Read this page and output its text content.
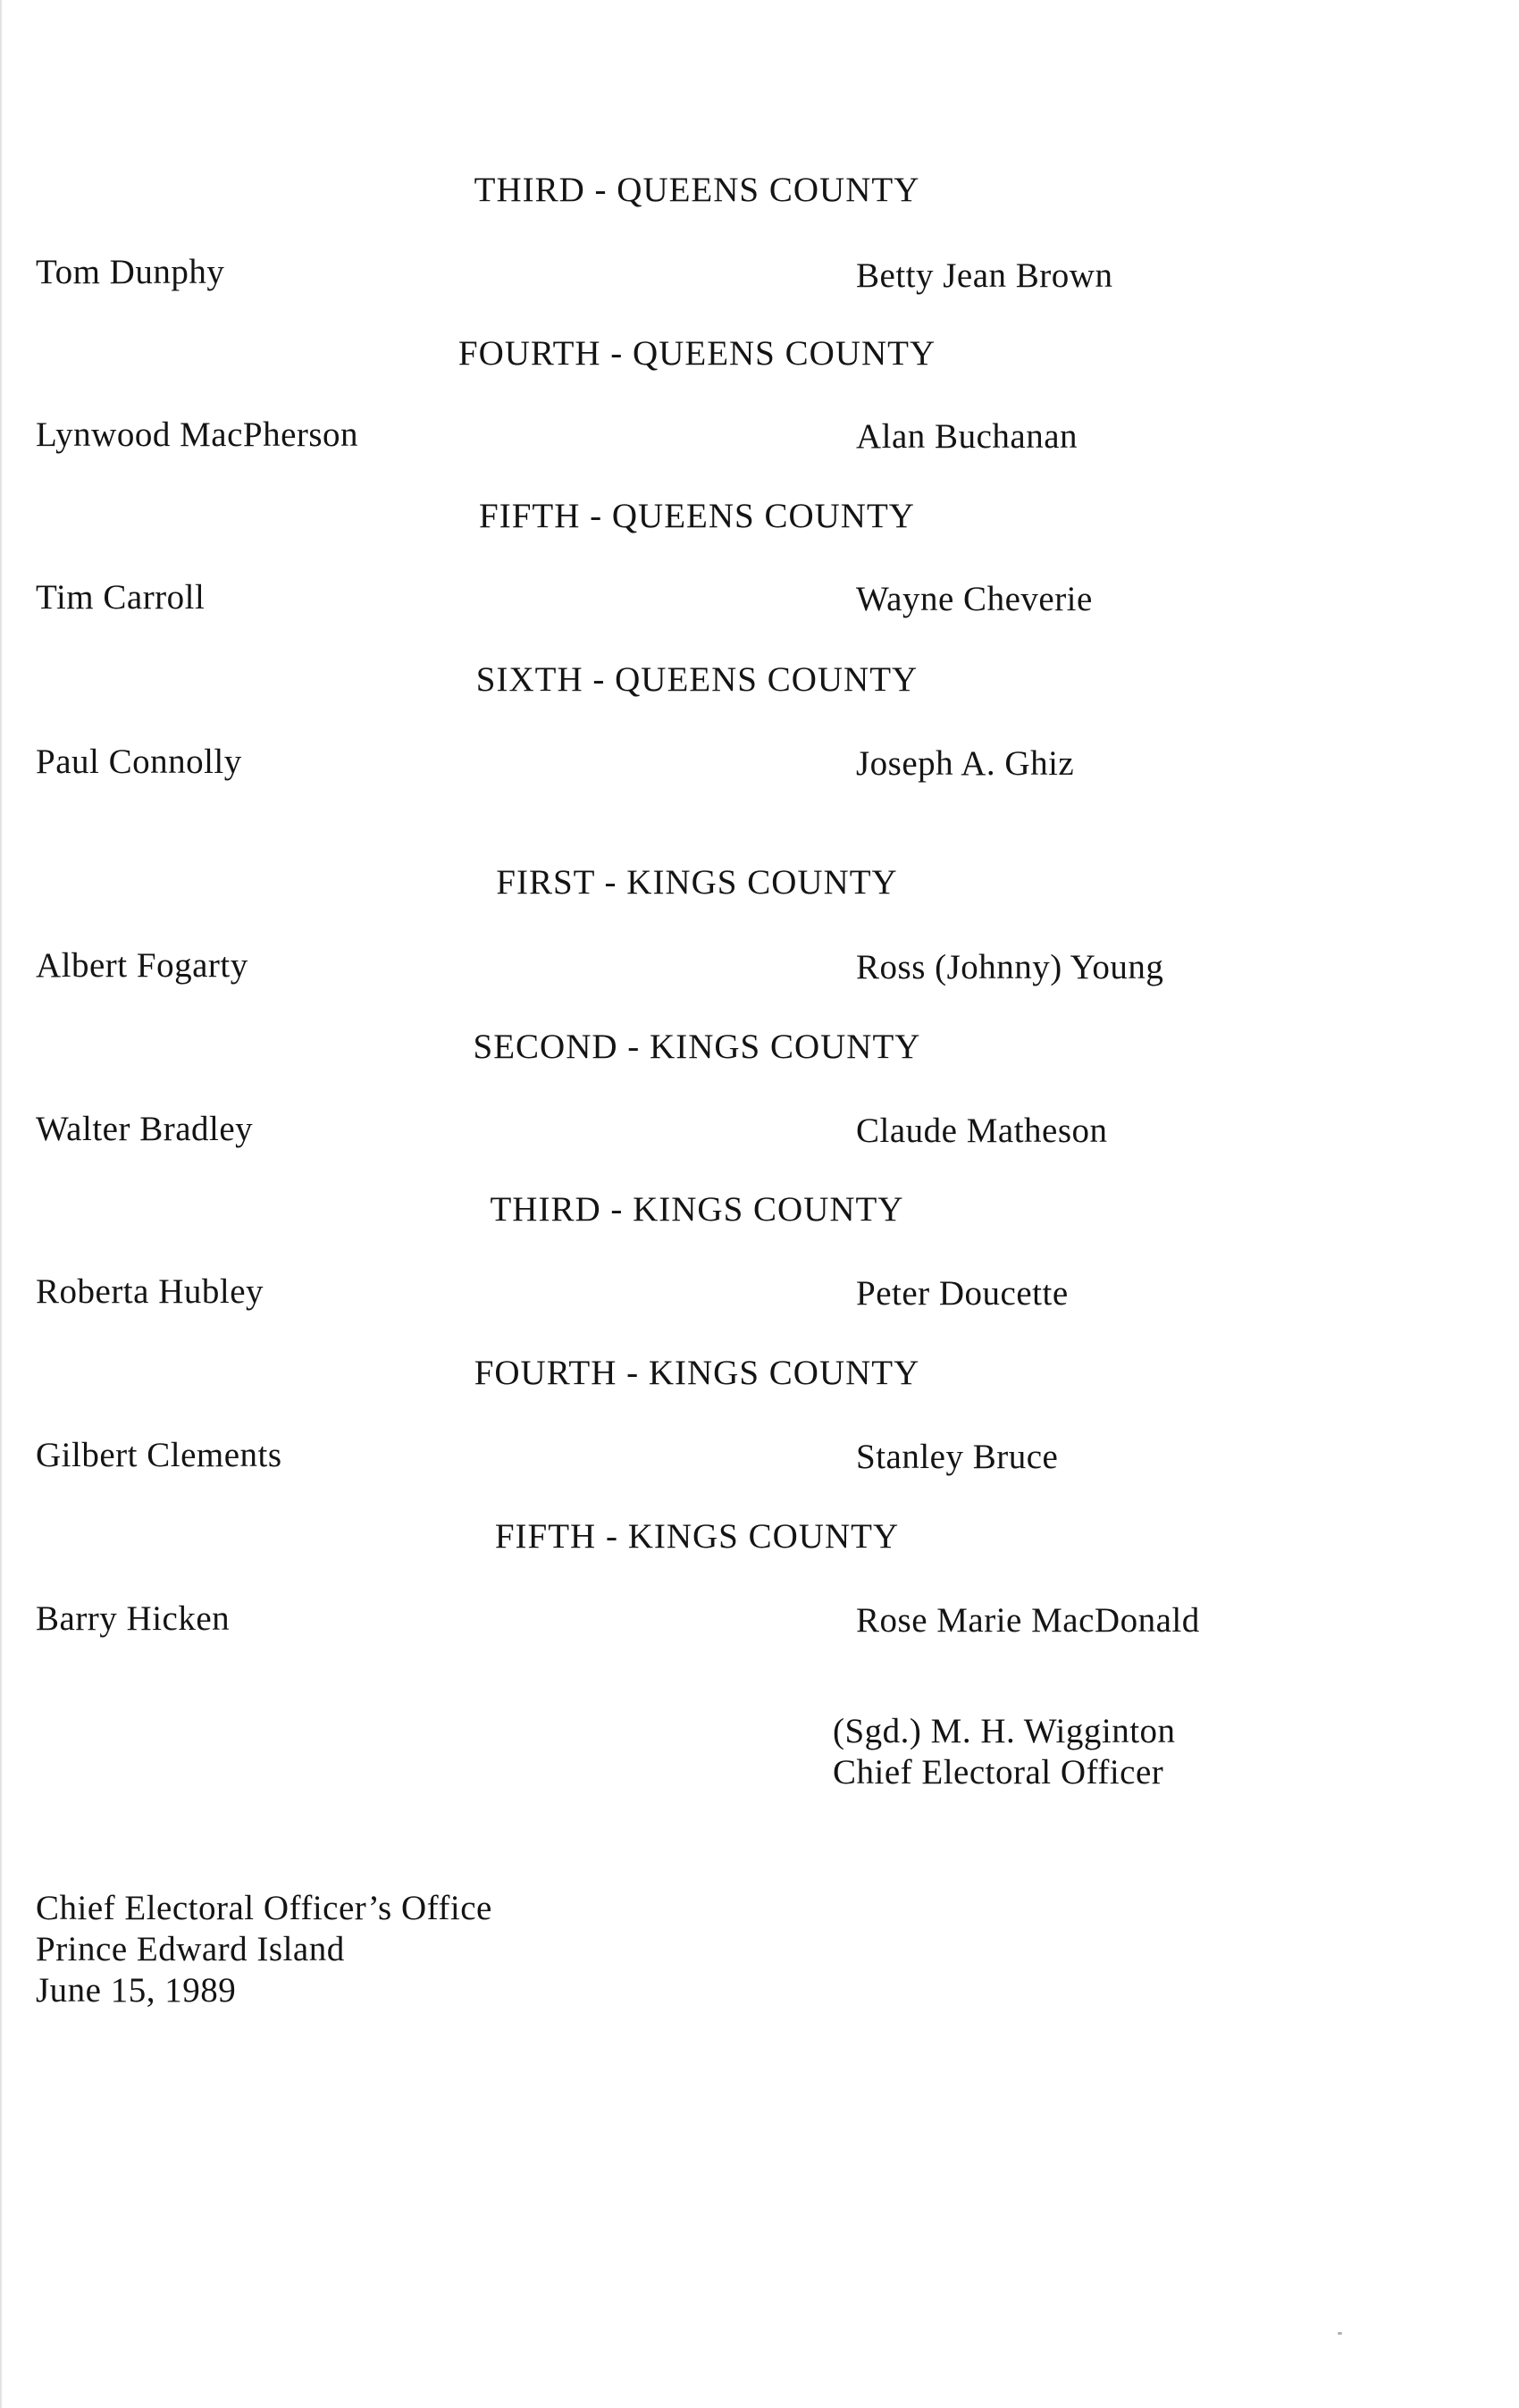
THIRD - QUEENS COUNTY
Tom Dunphy	Betty Jean Brown
FOURTH - QUEENS COUNTY
Lynwood MacPherson	Alan Buchanan
FIFTH - QUEENS COUNTY
Tim Carroll	Wayne Cheverie
SIXTH - QUEENS COUNTY
Paul Connolly	Joseph A. Ghiz
FIRST - KINGS COUNTY
Albert Fogarty	Ross (Johnny) Young
SECOND - KINGS COUNTY
Walter Bradley	Claude Matheson
THIRD - KINGS COUNTY
Roberta Hubley	Peter Doucette
FOURTH - KINGS COUNTY
Gilbert Clements	Stanley Bruce
FIFTH - KINGS COUNTY
Barry Hicken	Rose Marie MacDonald
(Sgd.) M. H. Wigginton
Chief Electoral Officer
Chief Electoral Officer’s Office
Prince Edward Island
June 15, 1989
